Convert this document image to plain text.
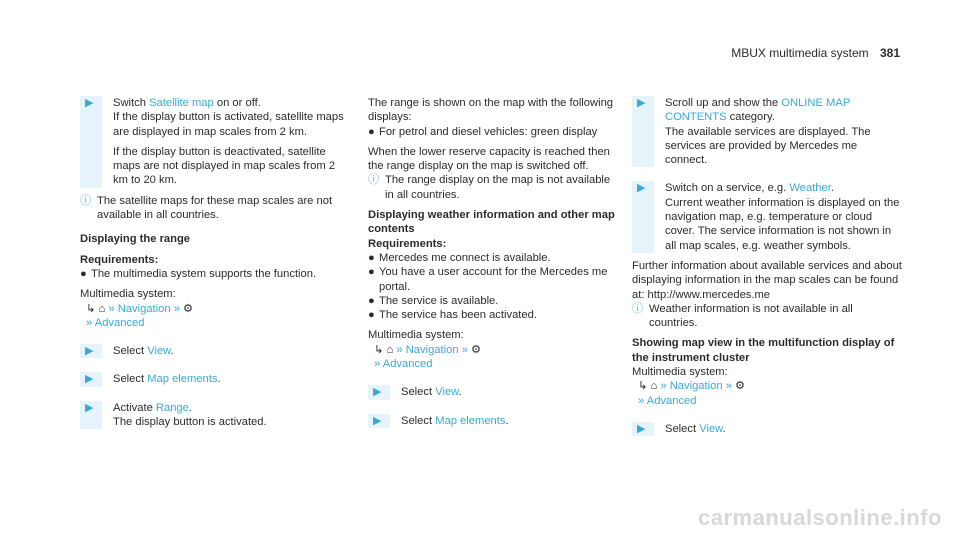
MBUX multimedia system 381
▶ Switch Satellite map on or off.
If the display button is activated, satellite maps are displayed in map scales from 2 km.
If the display button is deactivated, satellite maps are not displayed in map scales from 2 km to 20 km.
ⓘ The satellite maps for these map scales are not available in all countries.
Displaying the range
Requirements:
● The multimedia system supports the function.
Multimedia system:
↳ ⌂ » Navigation » ⚙
» Advanced
▶ Select View.
▶ Select Map elements.
▶ Activate Range.
The display button is activated.
The range is shown on the map with the following displays:
● For petrol and diesel vehicles: green display
When the lower reserve capacity is reached then the range display on the map is switched off.
ⓘ The range display on the map is not available in all countries.
Displaying weather information and other map contents
Requirements:
● Mercedes me connect is available.
● You have a user account for the Mercedes me portal.
● The service is available.
● The service has been activated.
Multimedia system:
↳ ⌂ » Navigation » ⚙
» Advanced
▶ Select View.
▶ Select Map elements.
▶ Scroll up and show the ONLINE MAP CONTENTS category.
The available services are displayed. The services are provided by Mercedes me connect.
▶ Switch on a service, e.g. Weather.
Current weather information is displayed on the navigation map, e.g. temperature or cloud cover. The service information is not shown in all map scales, e.g. weather symbols.
Further information about available services and about displaying information in the map scales can be found at: http://www.mercedes.me
ⓘ Weather information is not available in all countries.
Showing map view in the multifunction display of the instrument cluster
Multimedia system:
↳ ⌂ » Navigation » ⚙
» Advanced
▶ Select View.
carmanualsonline.info
